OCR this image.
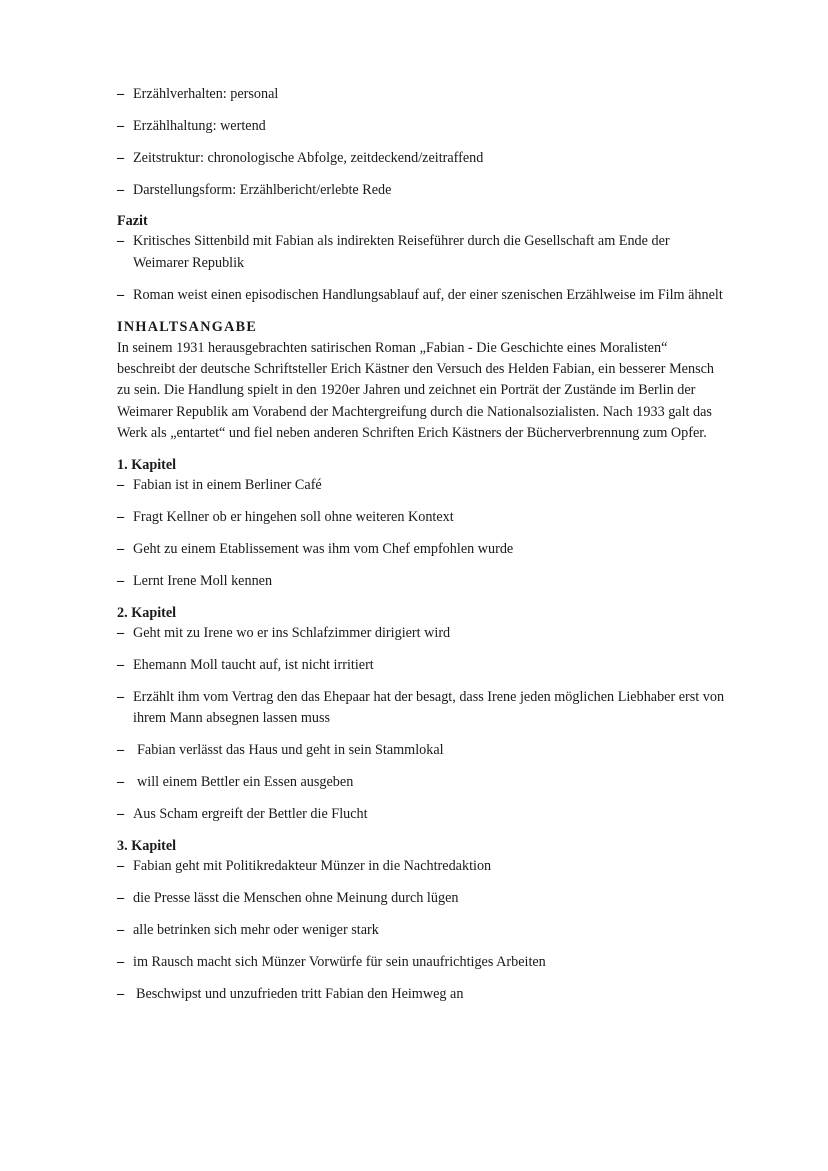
– Erzählverhalten: personal
– Erzählhaltung: wertend
– Zeitstruktur: chronologische Abfolge, zeitdeckend/zeitraffend
– Darstellungsform: Erzählbericht/erlebte Rede

Fazit

– Kritisches Sittenbild mit Fabian als indirekten Reiseführer durch die Gesellschaft am Ende der Weimarer Republik
– Roman weist einen episodischen Handlungsablauf auf, der einer szenischen Erzählweise im Film ähnelt

INHALTSANGABE

In seinem 1931 herausgebrachten satirischen Roman „Fabian - Die Geschichte eines Moralisten“ beschreibt der deutsche Schriftsteller Erich Kästner den Versuch des Helden Fabian, ein besserer Mensch zu sein. Die Handlung spielt in den 1920er Jahren und zeichnet ein Porträt der Zustände im Berlin der Weimarer Republik am Vorabend der Machtergreifung durch die Nationalsozialisten. Nach 1933 galt das Werk als „entartet“ und fiel neben anderen Schriften Erich Kästners der Bücherverbrennung zum Opfer.

1. Kapitel

– Fabian ist in einem Berliner Café
– Fragt Kellner ob er hingehen soll ohne weiteren Kontext
– Geht zu einem Etablissement was ihm vom Chef empfohlen wurde
– Lernt Irene Moll kennen

2. Kapitel

– Geht mit zu Irene wo er ins Schlafzimmer dirigiert wird
– Ehemann Moll taucht auf, ist nicht irritiert
– Erzählt ihm vom Vertrag den das Ehepaar hat der besagt, dass Irene jeden möglichen Liebhaber erst von ihrem Mann absegnen lassen muss
– Fabian verlässt das Haus und geht in sein Stammlokal
– will einem Bettler ein Essen ausgeben
– Aus Scham ergreift der Bettler die Flucht

3. Kapitel

– Fabian geht mit Politikredakteur Münzer in die Nachtredaktion
– die Presse lässt die Menschen ohne Meinung durch lügen
– alle betrinken sich mehr oder weniger stark
– im Rausch macht sich Münzer Vorwürfe für sein unaufrichtiges Arbeiten
– Beschwipst und unzufrieden tritt Fabian den Heimweg an
